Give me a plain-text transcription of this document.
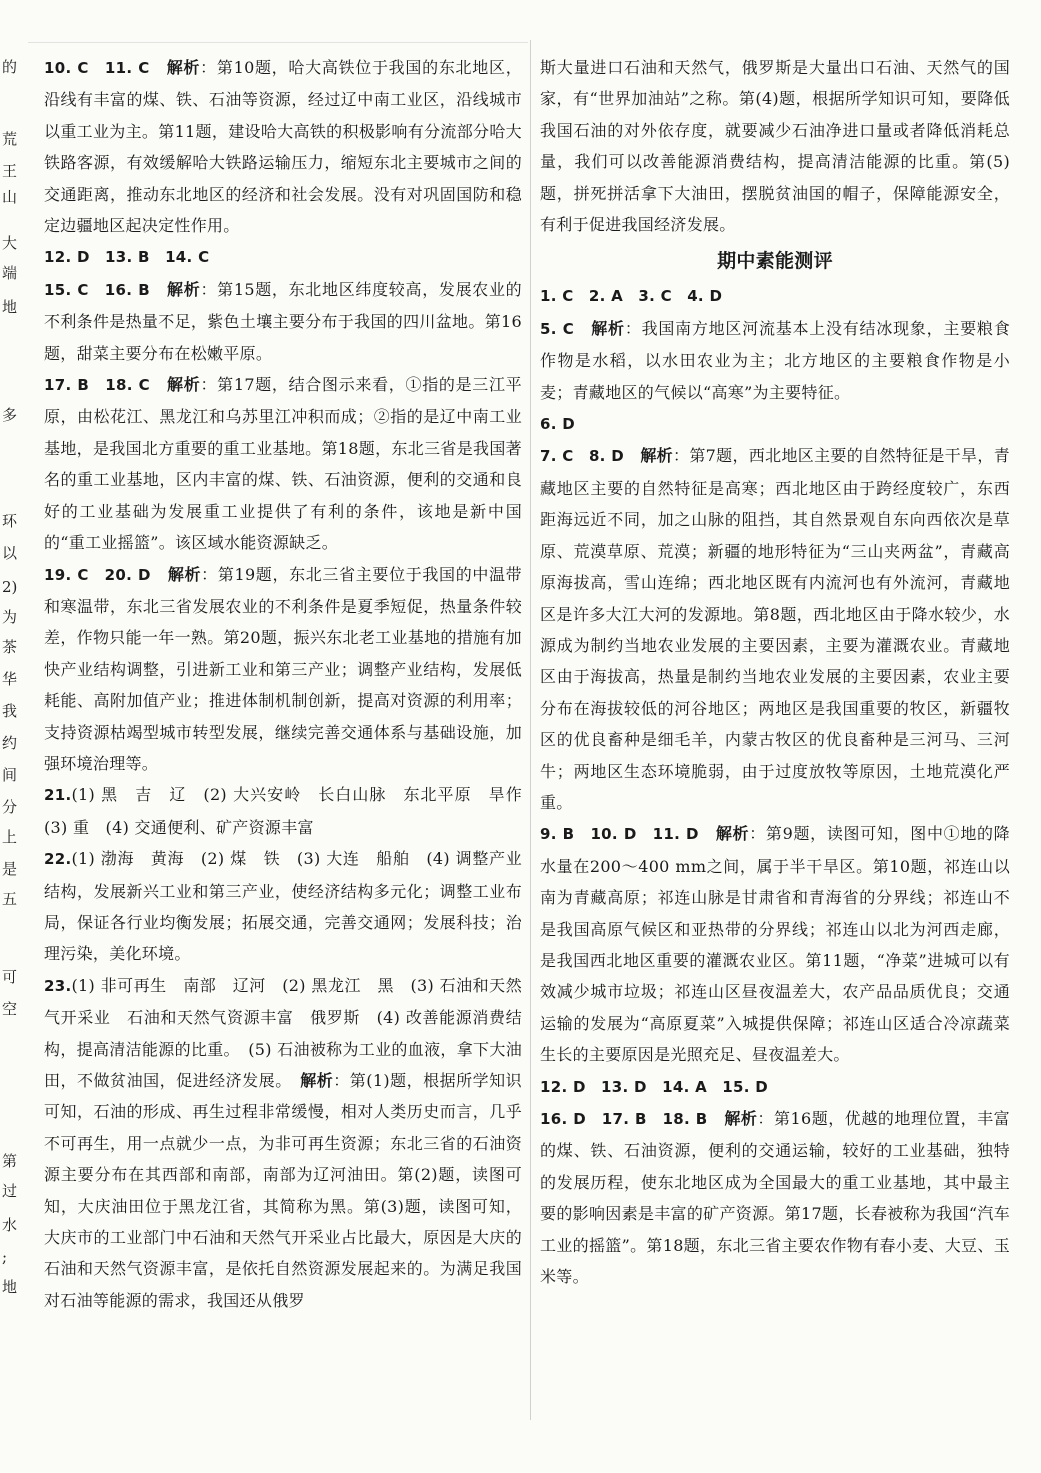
的
荒
王
山
大
端
地
多
环
以
2)
为
茶
华
我
约
间
分
上
是
五
可
空
第
过
水
;
地

10. C　11. C　 解析：第10题，哈大高铁位于我国的东北地区，沿线有丰富的煤、铁、石油等资源，经过辽中南工业区，沿线城市以重工业为主。第11题，建设哈大高铁的积极影响有分流部分哈大铁路客源，有效缓解哈大铁路运输压力，缩短东北主要城市之间的交通距离，推动东北地区的经济和社会发展。没有对巩固国防和稳定边疆地区起决定性作用。

12. D　13. B　14. C

15. C　16. B　 解析：第15题，东北地区纬度较高，发展农业的不利条件是热量不足，紫色土壤主要分布于我国的四川盆地。第16题，甜菜主要分布在松嫩平原。

17. B　18. C　 解析：第17题，结合图示来看，①指的是三江平原，由松花江、黑龙江和乌苏里江冲积而成；②指的是辽中南工业基地，是我国北方重要的重工业基地。第18题，东北三省是我国著名的重工业基地，区内丰富的煤、铁、石油资源，便利的交通和良好的工业基础为发展重工业提供了有利的条件，该地是新中国的“重工业摇篮”。该区域水能资源缺乏。

19. C　20. D　 解析：第19题，东北三省主要位于我国的中温带和寒温带，东北三省发展农业的不利条件是夏季短促，热量条件较差，作物只能一年一熟。第20题，振兴东北老工业基地的措施有加快产业结构调整，引进新工业和第三产业；调整产业结构，发展低耗能、高附加值产业；推进体制机制创新，提高对资源的利用率；支持资源枯竭型城市转型发展，继续完善交通体系与基础设施，加强环境治理等。

21.(1) 黑　吉　辽　(2) 大兴安岭　长白山脉　东北平原　旱作　(3) 重　(4) 交通便利、矿产资源丰富

22.(1) 渤海　黄海　(2) 煤　铁　(3) 大连　船舶　(4) 调整产业结构，发展新兴工业和第三产业，使经济结构多元化；调整工业布局，保证各行业均衡发展；拓展交通，完善交通网；发展科技；治理污染，美化环境。

23.(1) 非可再生　南部　辽河　(2) 黑龙江　黑　(3) 石油和天然气开采业　石油和天然气资源丰富　俄罗斯　(4) 改善能源消费结构，提高清洁能源的比重。　(5) 石油被称为工业的血液，拿下大油田，不做贫油国，促进经济发展。　解析：第(1)题，根据所学知识可知，石油的形成、再生过程非常缓慢，相对人类历史而言，几乎不可再生，用一点就少一点，为非可再生资源；东北三省的石油资源主要分布在其西部和南部，南部为辽河油田。第(2)题，读图可知，大庆油田位于黑龙江省，其简称为黑。第(3)题，读图可知，大庆市的工业部门中石油和天然气开采业占比最大，原因是大庆的石油和天然气资源丰富，是依托自然资源发展起来的。为满足我国对石油等能源的需求，我国还从俄罗

斯大量进口石油和天然气，俄罗斯是大量出口石油、天然气的国家，有“世界加油站”之称。第(4)题，根据所学知识可知，要降低我国石油的对外依存度，就要减少石油净进口量或者降低消耗总量，我们可以改善能源消费结构，提高清洁能源的比重。第(5)题，拼死拼活拿下大油田，摆脱贫油国的帽子，保障能源安全，有利于促进我国经济发展。

期中素能测评

1. C　2. A　3. C　4. D

5. C　 解析：我国南方地区河流基本上没有结冰现象，主要粮食作物是水稻，以水田农业为主；北方地区的主要粮食作物是小麦；青藏地区的气候以“高寒”为主要特征。

6. D

7. C　8. D　 解析：第7题，西北地区主要的自然特征是干旱，青藏地区主要的自然特征是高寒；西北地区由于跨经度较广，东西距海远近不同，加之山脉的阻挡，其自然景观自东向西依次是草原、荒漠草原、荒漠；新疆的地形特征为“三山夹两盆”，青藏高原海拔高，雪山连绵；西北地区既有内流河也有外流河，青藏地区是许多大江大河的发源地。第8题，西北地区由于降水较少，水源成为制约当地农业发展的主要因素，主要为灌溉农业。青藏地区由于海拔高，热量是制约当地农业发展的主要因素，农业主要分布在海拔较低的河谷地区；两地区是我国重要的牧区，新疆牧区的优良畜种是细毛羊，内蒙古牧区的优良畜种是三河马、三河牛；两地区生态环境脆弱，由于过度放牧等原因，土地荒漠化严重。

9. B　10. D　11. D　 解析：第9题，读图可知，图中①地的降水量在200～400 mm之间，属于半干旱区。第10题，祁连山以南为青藏高原；祁连山脉是甘肃省和青海省的分界线；祁连山不是我国高原气候区和亚热带的分界线；祁连山以北为河西走廊，是我国西北地区重要的灌溉农业区。第11题，“净菜”进城可以有效减少城市垃圾；祁连山区昼夜温差大，农产品品质优良；交通运输的发展为“高原夏菜”入城提供保障；祁连山区适合冷凉蔬菜生长的主要原因是光照充足、昼夜温差大。

12. D　13. D　14. A　15. D

16. D　17. B　18. B　 解析：第16题，优越的地理位置，丰富的煤、铁、石油资源，便利的交通运输，较好的工业基础，独特的发展历程，使东北地区成为全国最大的重工业基地，其中最主要的影响因素是丰富的矿产资源。第17题，长春被称为我国“汽车工业的摇篮”。第18题，东北三省主要农作物有春小麦、大豆、玉米等。
